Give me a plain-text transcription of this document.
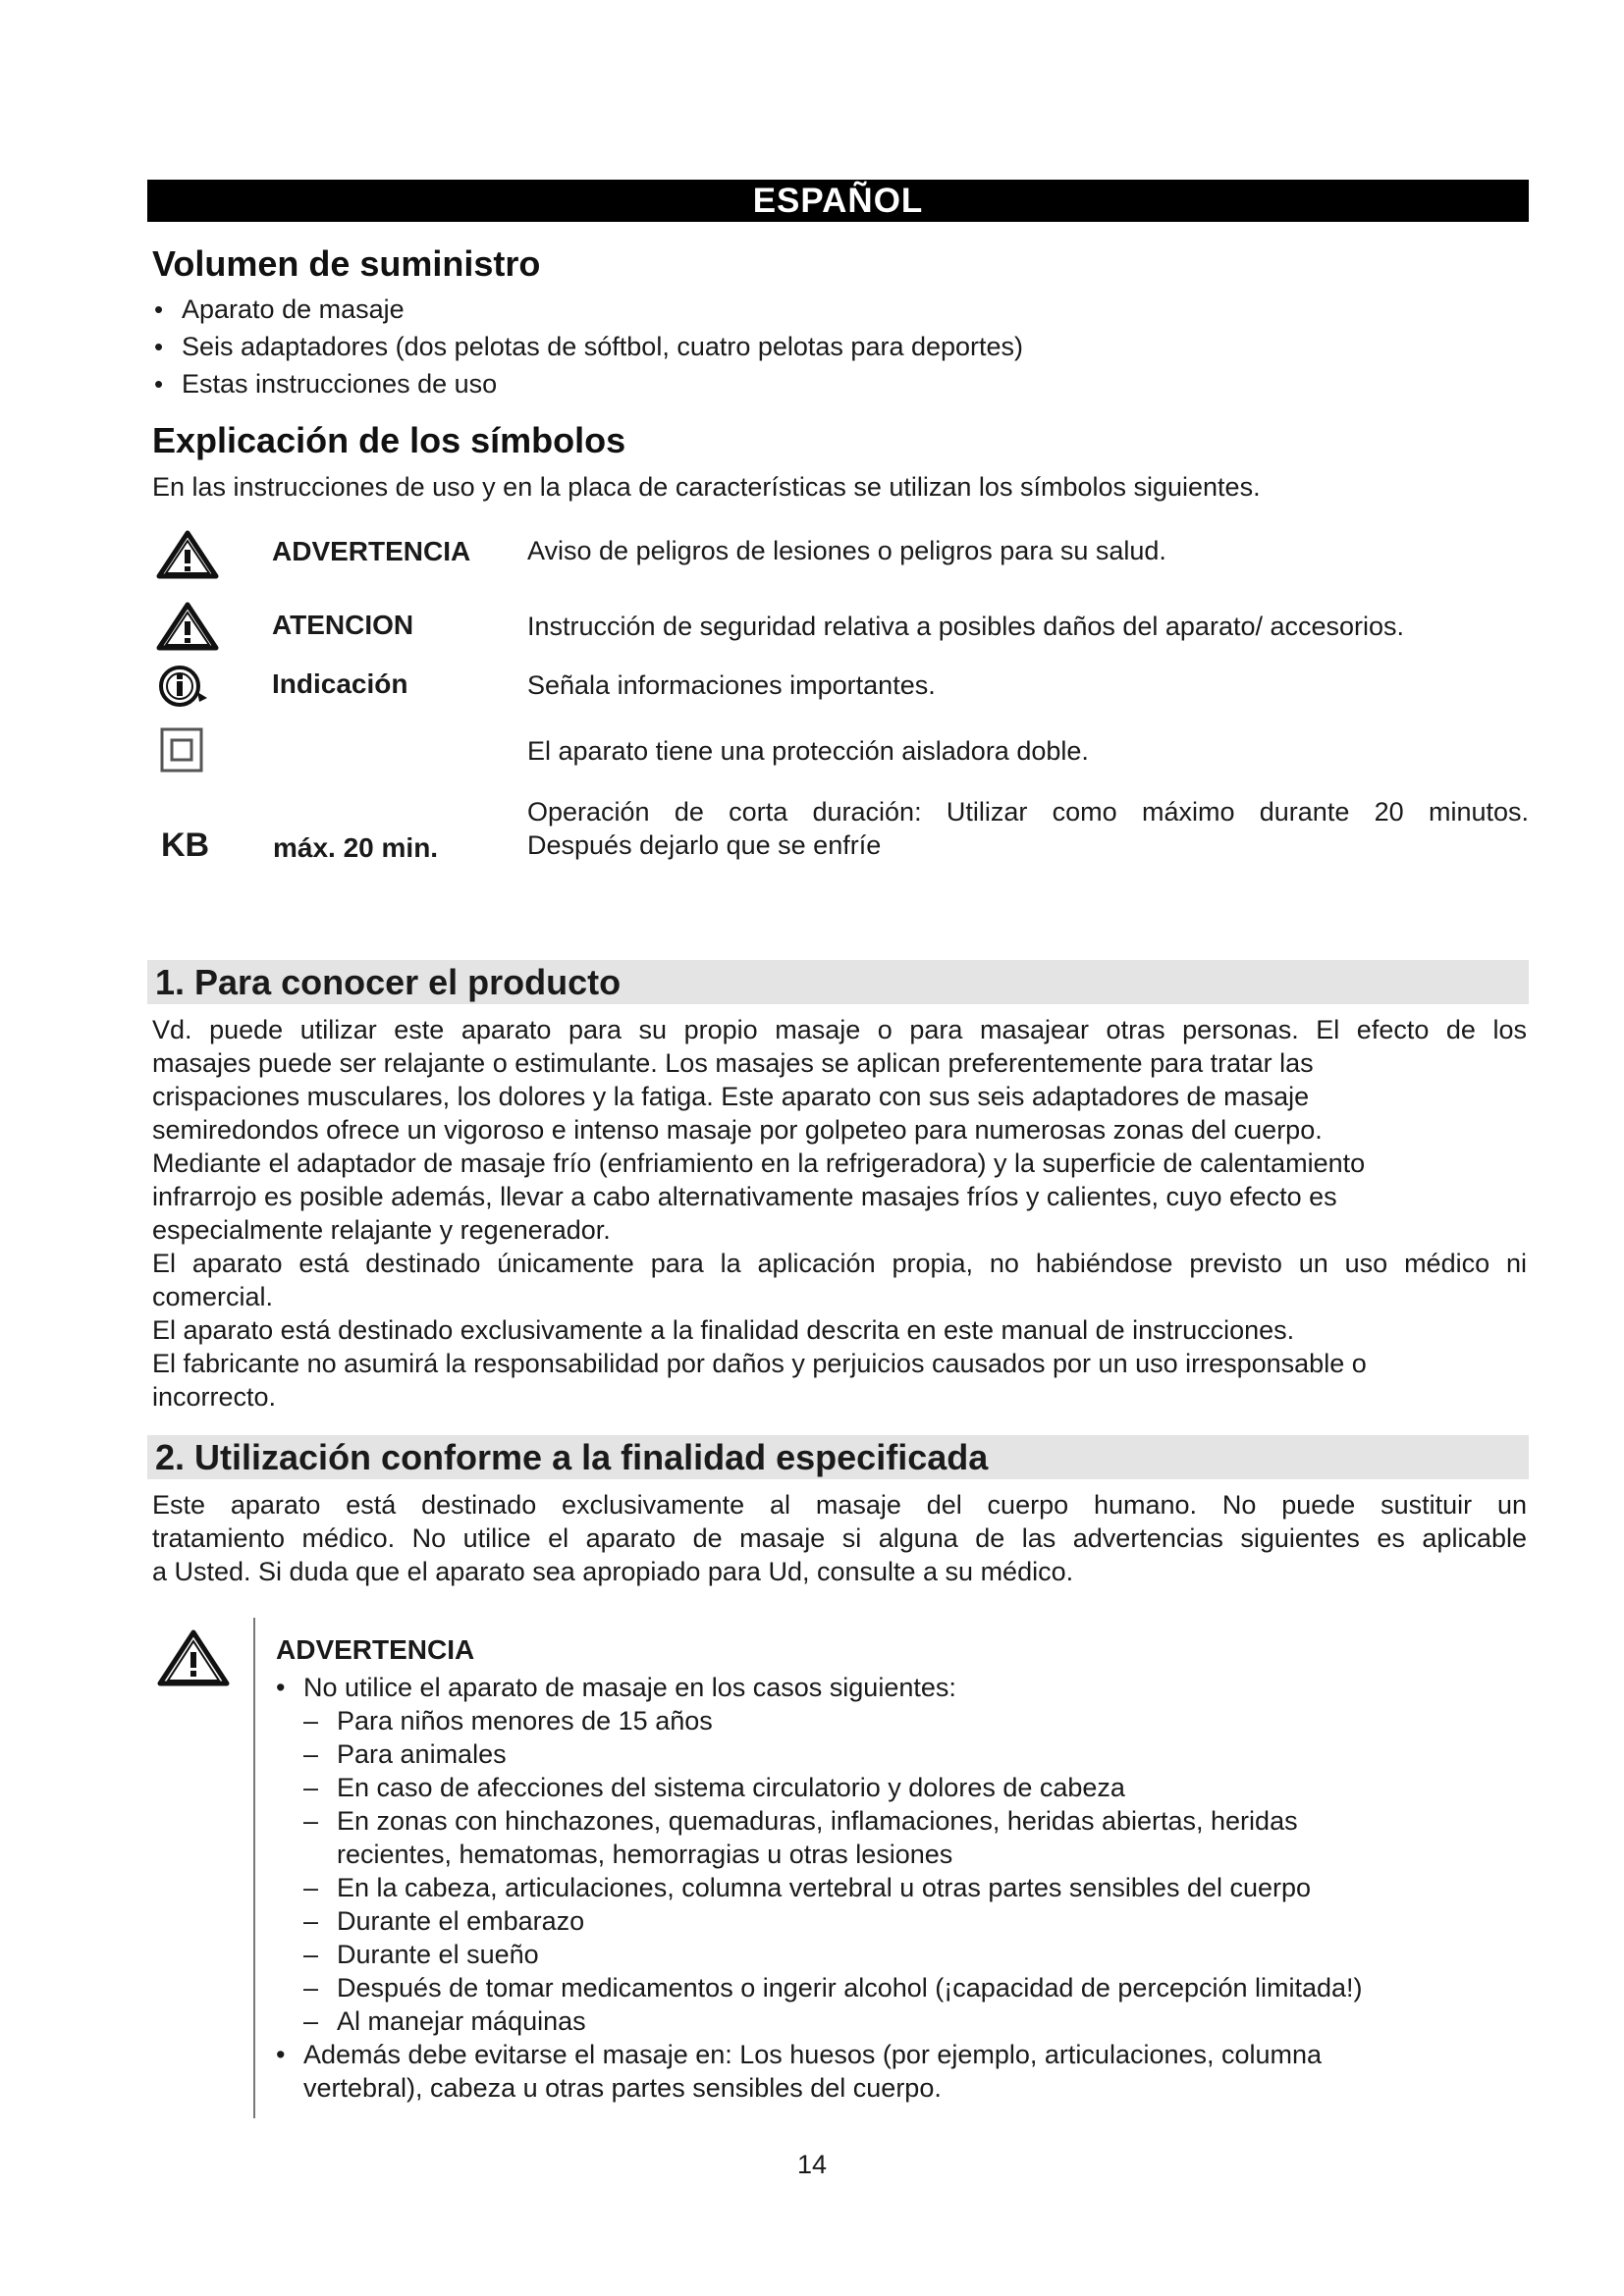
ESPAÑOL
Volumen de suministro
• Aparato de masaje
• Seis adaptadores (dos pelotas de sóftbol, cuatro pelotas para deportes)
• Estas instrucciones de uso
Explicación de los símbolos
En las instrucciones de uso y en la placa de características se utilizan los símbolos siguientes.
ADVERTENCIA Aviso de peligros de lesiones o peligros para su salud.
ATENCION	Instrucción de seguridad relativa a posibles daños del aparato/ accesorios.
Indicación	Señala informaciones importantes.
El aparato tiene una protección aisladora doble.
KB máx. 20 min.
Operación de corta duración: Utilizar como máximo durante 20 minutos.
Después dejarlo que se enfríe
1. Para conocer el producto
Vd. puede utilizar este aparato para su propio masaje o para masajear otras personas. El efecto de los
masajes puede ser relajante o estimulante. Los masajes se aplican preferentemente para tratar las
crispaciones musculares, los dolores y la fatiga. Este aparato con sus seis adaptadores de masaje
semiredondos ofrece un vigoroso e intenso masaje por golpeteo para numerosas zonas del cuerpo.
Mediante el adaptador de masaje frío (enfriamiento en la refrigeradora) y la superficie de calentamiento
infrarrojo es posible además, llevar a cabo alternativamente masajes fríos y calientes, cuyo efecto es
especialmente relajante y regenerador.
El aparato está destinado únicamente para la aplicación propia, no habiéndose previsto un uso médico ni
comercial.
El aparato está destinado exclusivamente a la finalidad descrita en este manual de instrucciones.
El fabricante no asumirá la responsabilidad por daños y perjuicios causados por un uso irresponsable o
incorrecto.
2. Utilización conforme a la finalidad especificada
Este aparato está destinado exclusivamente al masaje del cuerpo humano. No puede sustituir un
tratamiento médico. No utilice el aparato de masaje si alguna de las advertencias siguientes es aplicable
a Usted. Si duda que el aparato sea apropiado para Ud, consulte a su médico.
ADVERTENCIA
• No utilice el aparato de masaje en los casos siguientes:
– Para niños menores de 15 años
– Para animales
– En caso de afecciones del sistema circulatorio y dolores de cabeza
– En zonas con hinchazones, quemaduras, inflamaciones, heridas abiertas, heridas
recientes, hematomas, hemorragias u otras lesiones
– En la cabeza, articulaciones, columna vertebral u otras partes sensibles del cuerpo
– Durante el embarazo
– Durante el sueño
– Después de tomar medicamentos o ingerir alcohol (¡capacidad de percepción limitada!)
– Al manejar máquinas
• Además debe evitarse el masaje en: Los huesos (por ejemplo, articulaciones, columna
vertebral), cabeza u otras partes sensibles del cuerpo.
14
